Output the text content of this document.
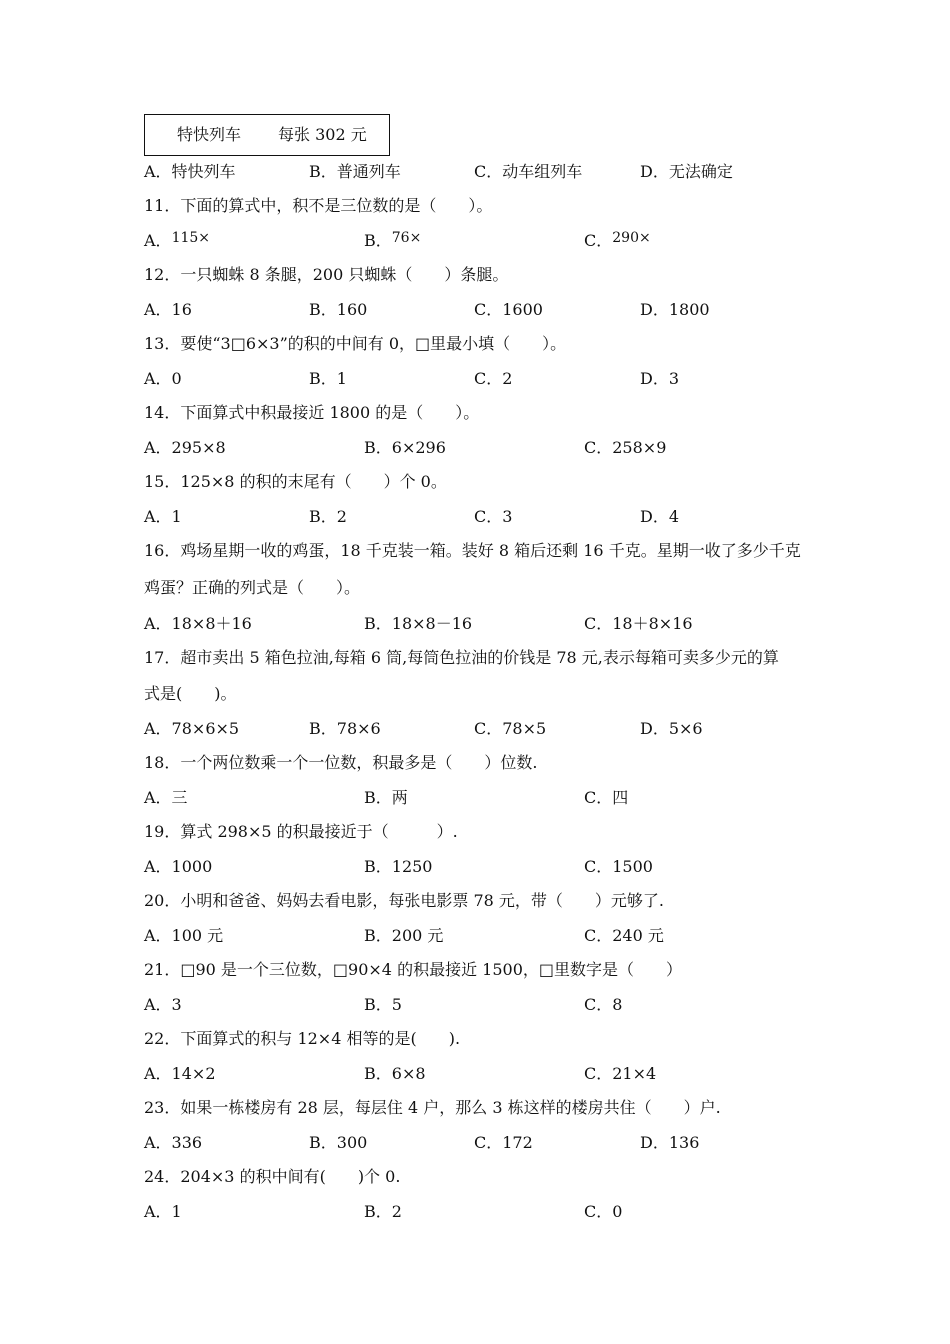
特快列车 每张 302 元
A．特快列车	B．普通列车	C．动车组列车	D．无法确定
11．下面的算式中，积不是三位数的是（　　）。
A．115×	B．76×	C．290×
12．一只蜘蛛 8 条腿，200 只蜘蛛（　　）条腿。
A．16	B．160	C．1600	D．1800
13．要使“3□6×3”的积的中间有 0，□里最小填（　　）。
A．0	B．1	C．2	D．3
14．下面算式中积最接近 1800 的是（　　）。
A．295×8	B．6×296	C．258×9
15．125×8 的积的末尾有（　　）个 0。
A．1	B．2	C．3	D．4
16．鸡场星期一收的鸡蛋，18 千克装一箱。装好 8 箱后还剩 16 千克。星期一收了多少千克
鸡蛋？正确的列式是（　　）。
A．18×8＋16	B．18×8－16	C．18＋8×16
17．超市卖出 5 箱色拉油,每箱 6 筒,每筒色拉油的价钱是 78 元,表示每箱可卖多少元的算
式是(　　)。
A．78×6×5	B．78×6	C．78×5	D．5×6
18．一个两位数乘一个一位数，积最多是（　　）位数.
A．三	B．两	C．四
19．算式 298×5 的积最接近于（　　　）.
A．1000	B．1250	C．1500
20．小明和爸爸、妈妈去看电影，每张电影票 78 元，带（　　）元够了.
A．100 元	B．200 元	C．240 元
21．□90 是一个三位数，□90×4 的积最接近 1500，□里数字是（　　）
A．3	B．5	C．8
22．下面算式的积与 12×4 相等的是(　　).
A．14×2	B．6×8	C．21×4
23．如果一栋楼房有 28 层，每层住 4 户，那么 3 栋这样的楼房共住（　　）户.
A．336	B．300	C．172	D．136
24．204×3 的积中间有(　　)个 0.
A．1	B．2	C．0
